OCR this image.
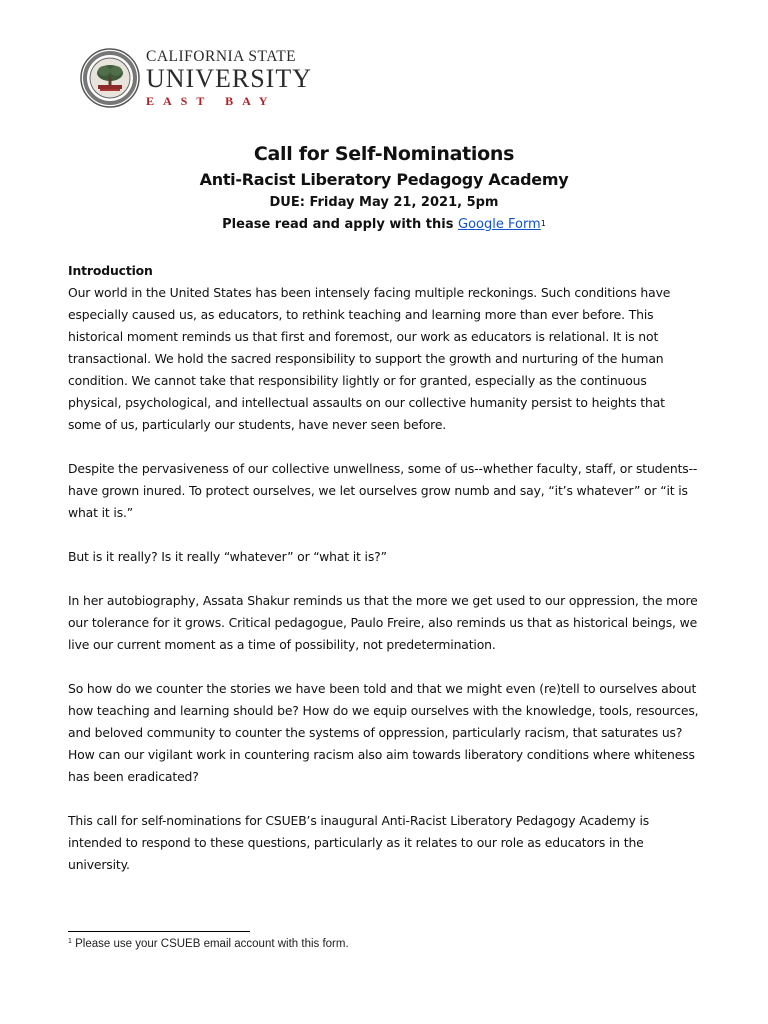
CALIFORNIA STATE
UNIVERSITY
EAST BAY
Call for Self-Nominations
Anti-Racist Liberatory Pedagogy Academy
DUE: Friday May 21, 2021, 5pm
Please read and apply with this Google Form$^1$

Introduction

Our world in the United States has been intensely facing multiple reckonings. Such conditions have especially caused us, as educators, to rethink teaching and learning more than ever before. This historical moment reminds us that first and foremost, our work as educators is relational. It is not transactional. We hold the sacred responsibility to support the growth and nurturing of the human condition. We cannot take that responsibility lightly or for granted, especially as the continuous physical, psychological, and intellectual assaults on our collective humanity persist to heights that some of us, particularly our students, have never seen before.

Despite the pervasiveness of our collective unwellness, some of us--whether faculty, staff, or students--have grown inured. To protect ourselves, we let ourselves grow numb and say, “it’s whatever” or “it is what it is.”

But is it really? Is it really “whatever” or “what it is?”

In her autobiography, Assata Shakur reminds us that the more we get used to our oppression, the more our tolerance for it grows. Critical pedagogue, Paulo Freire, also reminds us that as historical beings, we live our current moment as a time of possibility, not predetermination.

So how do we counter the stories we have been told and that we might even (re)tell to ourselves about how teaching and learning should be? How do we equip ourselves with the knowledge, tools, resources, and beloved community to counter the systems of oppression, particularly racism, that saturates us? How can our vigilant work in countering racism also aim towards liberatory conditions where whiteness has been eradicated?

This call for self-nominations for CSUEB’s inaugural Anti-Racist Liberatory Pedagogy Academy is intended to respond to these questions, particularly as it relates to our role as educators in the university.

$^1$ Please use your CSUEB email account with this form.
